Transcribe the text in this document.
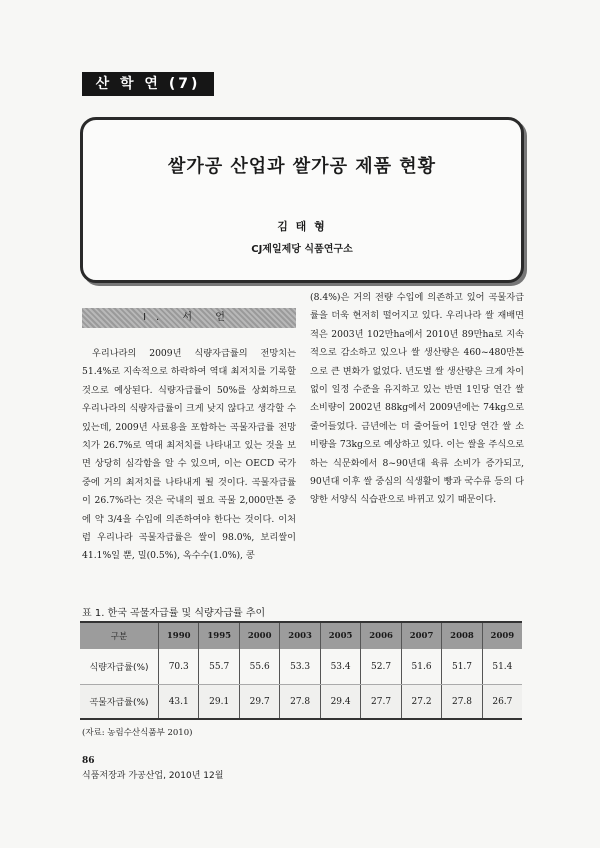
산 학 연 (7)
쌀가공 산업과 쌀가공 제품 현황
김 태 형
CJ제일제당 식품연구소
I. 서 언

우리나라의 2009년 식량자급률의 전망치는 51.4%로 지속적으로 하락하여 역대 최저치를 기록할 것으로 예상된다. 식량자급률이 50%를 상회하므로 우리나라의 식량자급률이 크게 낮지 않다고 생각할 수 있는데, 2009년 사료용을 포함하는 곡물자급률 전망치가 26.7%로 역대 최저치를 나타내고 있는 것을 보면 상당히 심각함을 알 수 있으며, 이는 OECD 국가 중에 거의 최저치를 나타내게 될 것이다. 곡물자급률이 26.7%라는 것은 국내의 필요 곡물 2,000만톤 중에 약 3/4을 수입에 의존하여야 한다는 것이다. 이처럼 우리나라 곡물자급률은 쌀이 98.0%, 보리쌀이 41.1%일 뿐, 밀(0.5%), 옥수수(1.0%), 콩

(8.4%)은 거의 전량 수입에 의존하고 있어 곡물자급률을 더욱 현저히 떨어지고 있다. 우리나라 쌀 재배면적은 2003년 102만ha에서 2010년 89만ha로 지속적으로 감소하고 있으나 쌀 생산량은 460~480만톤으로 큰 변화가 없었다. 년도별 쌀 생산량은 크게 차이 없이 일정 수준을 유지하고 있는 반면 1인당 연간 쌀 소비량이 2002년 88kg에서 2009년에는 74kg으로 줄어들었다. 금년에는 더 줄어들어 1인당 연간 쌀 소비량을 73kg으로 예상하고 있다. 이는 쌀을 주식으로 하는 식문화에서 8~90년대 육류 소비가 증가되고, 90년대 이후 쌀 중심의 식생활이 빵과 국수류 등의 다양한 서양식 식습관으로 바뀌고 있기 때문이다.

표 1. 한국 곡물자급률 및 식량자급률 추이
구분	1990	1995	2000	2003	2005	2006	2007	2008	2009
식량자급률(%)	70.3	55.7	55.6	53.3	53.4	52.7	51.6	51.7	51.4
곡물자급률(%)	43.1	29.1	29.7	27.8	29.4	27.7	27.2	27.8	26.7
(자료: 농림수산식품부 2010)
86
식품저장과 가공산업, 2010년 12월
